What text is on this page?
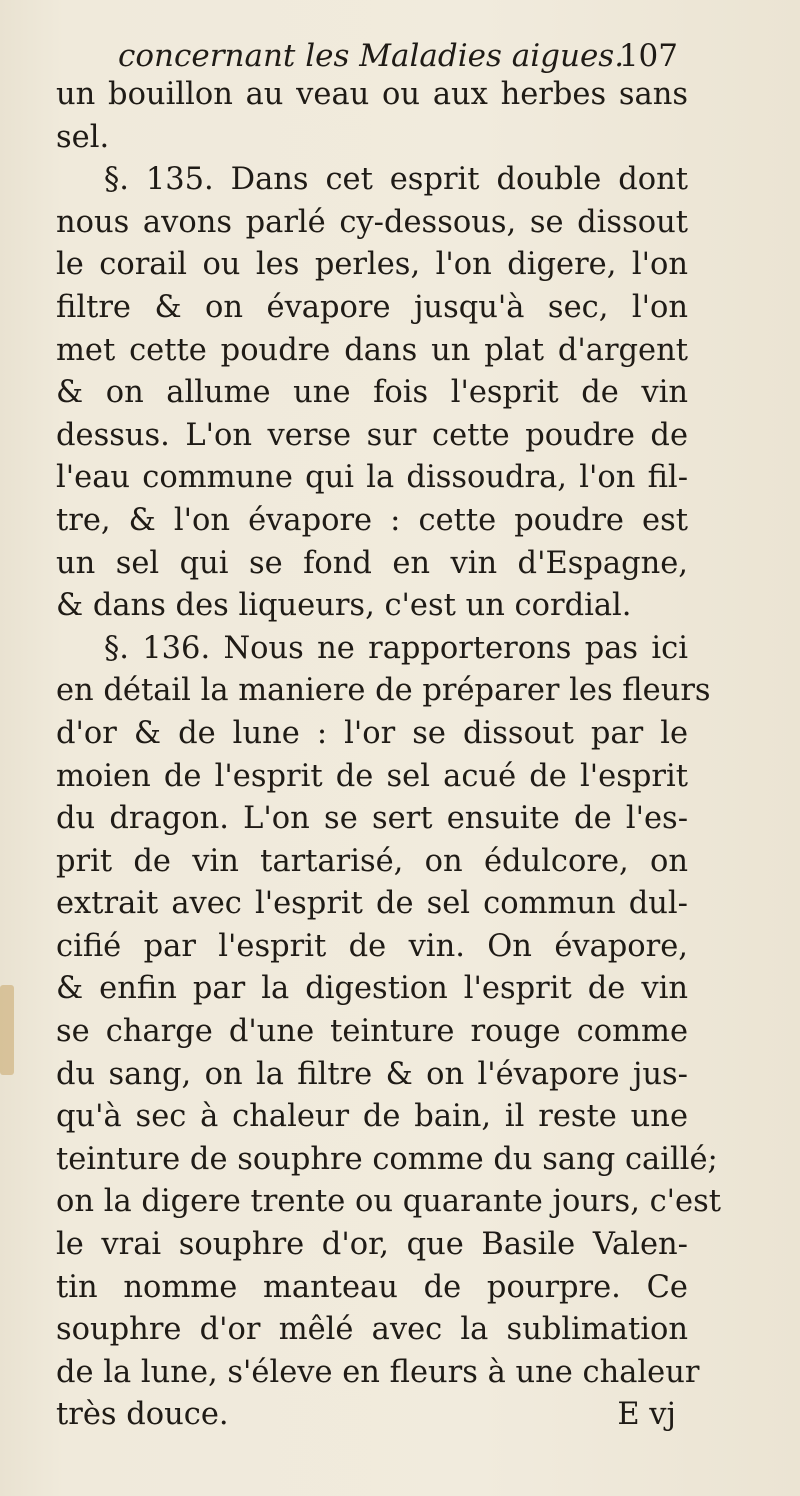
concernant les Maladies aigues.
107
un bouillon au veau ou aux herbes sans
sel.
§. 135. Dans cet esprit double dont
nous avons parlé cy-dessous, se dissout
le corail ou les perles, l'on digere, l'on
filtre & on évapore jusqu'à sec, l'on
met cette poudre dans un plat d'argent
& on allume une fois l'esprit de vin
dessus. L'on verse sur cette poudre de
l'eau commune qui la dissoudra, l'on fil-
tre, & l'on évapore : cette poudre est
un sel qui se fond en vin d'Espagne,
& dans des liqueurs, c'est un cordial.
§. 136. Nous ne rapporterons pas ici
en détail la maniere de préparer les fleurs
d'or & de lune : l'or se dissout par le
moien de l'esprit de sel acué de l'esprit
du dragon. L'on se sert ensuite de l'es-
prit de vin tartarisé, on édulcore, on
extrait avec l'esprit de sel commun dul-
cifié par l'esprit de vin. On évapore,
& enfin par la digestion l'esprit de vin
se charge d'une teinture rouge comme
du sang, on la filtre & on l'évapore jus-
qu'à sec à chaleur de bain, il reste une
teinture de souphre comme du sang caillé;
on la digere trente ou quarante jours, c'est
le vrai souphre d'or, que Basile Valen-
tin nomme manteau de pourpre. Ce
souphre d'or mêlé avec la sublimation
de la lune, s'éleve en fleurs à une chaleur
très douce.	E vj
